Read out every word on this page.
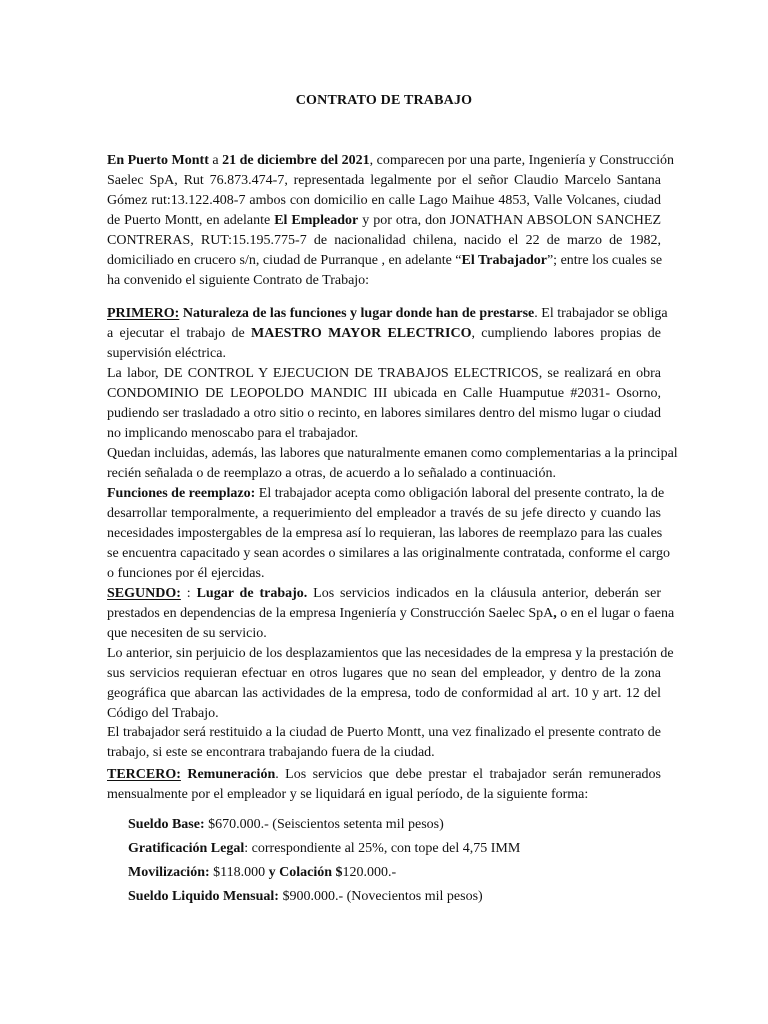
CONTRATO DE TRABAJO
En Puerto Montt a 21 de diciembre del 2021, comparecen por una parte, Ingeniería y Construcción
Saelec SpA, Rut 76.873.474-7, representada legalmente por el señor Claudio Marcelo Santana
Gómez rut:13.122.408-7 ambos con domicilio en calle Lago Maihue 4853, Valle Volcanes, ciudad
de Puerto Montt, en adelante El Empleador y por otra, don JONATHAN ABSOLON SANCHEZ
CONTRERAS, RUT:15.195.775-7 de nacionalidad chilena, nacido el 22 de marzo de 1982,
domiciliado en crucero s/n, ciudad de Purranque , en adelante “El Trabajador”; entre los cuales se
ha convenido el siguiente Contrato de Trabajo:
PRIMERO: Naturaleza de las funciones y lugar donde han de prestarse. El trabajador se obliga
a ejecutar el trabajo de MAESTRO MAYOR ELECTRICO, cumpliendo labores propias de
supervisión eléctrica.
La labor, DE CONTROL Y EJECUCION DE TRABAJOS ELECTRICOS, se realizará en obra
CONDOMINIO DE LEOPOLDO MANDIC III ubicada en Calle Huamputue #2031- Osorno,
pudiendo ser trasladado a otro sitio o recinto, en labores similares dentro del mismo lugar o ciudad
no implicando menoscabo para el trabajador.
Quedan incluidas, además, las labores que naturalmente emanen como complementarias a la principal
recién señalada o de reemplazo a otras, de acuerdo a lo señalado a continuación.
Funciones de reemplazo: El trabajador acepta como obligación laboral del presente contrato, la de
desarrollar temporalmente, a requerimiento del empleador a través de su jefe directo y cuando las
necesidades impostergables de la empresa así lo requieran, las labores de reemplazo para las cuales
se encuentra capacitado y sean acordes o similares a las originalmente contratada, conforme el cargo
o funciones por él ejercidas.
SEGUNDO: : Lugar de trabajo. Los servicios indicados en la cláusula anterior, deberán ser
prestados en dependencias de la empresa Ingeniería y Construcción Saelec SpA, o en el lugar o faena
que necesiten de su servicio.
Lo anterior, sin perjuicio de los desplazamientos que las necesidades de la empresa y la prestación de
sus servicios requieran efectuar en otros lugares que no sean del empleador, y dentro de la zona
geográfica que abarcan las actividades de la empresa, todo de conformidad al art. 10 y art. 12 del
Código del Trabajo.
El trabajador será restituido a la ciudad de Puerto Montt, una vez finalizado el presente contrato de
trabajo, si este se encontrara trabajando fuera de la ciudad.
TERCERO: Remuneración. Los servicios que debe prestar el trabajador serán remunerados
mensualmente por el empleador y se liquidará en igual período, de la siguiente forma:
Sueldo Base: $670.000.- (Seiscientos setenta mil pesos)
Gratificación Legal: correspondiente al 25%, con tope del 4,75 IMM
Movilización: $118.000 y Colación $120.000.-
Sueldo Liquido Mensual: $900.000.- (Novecientos mil pesos)
